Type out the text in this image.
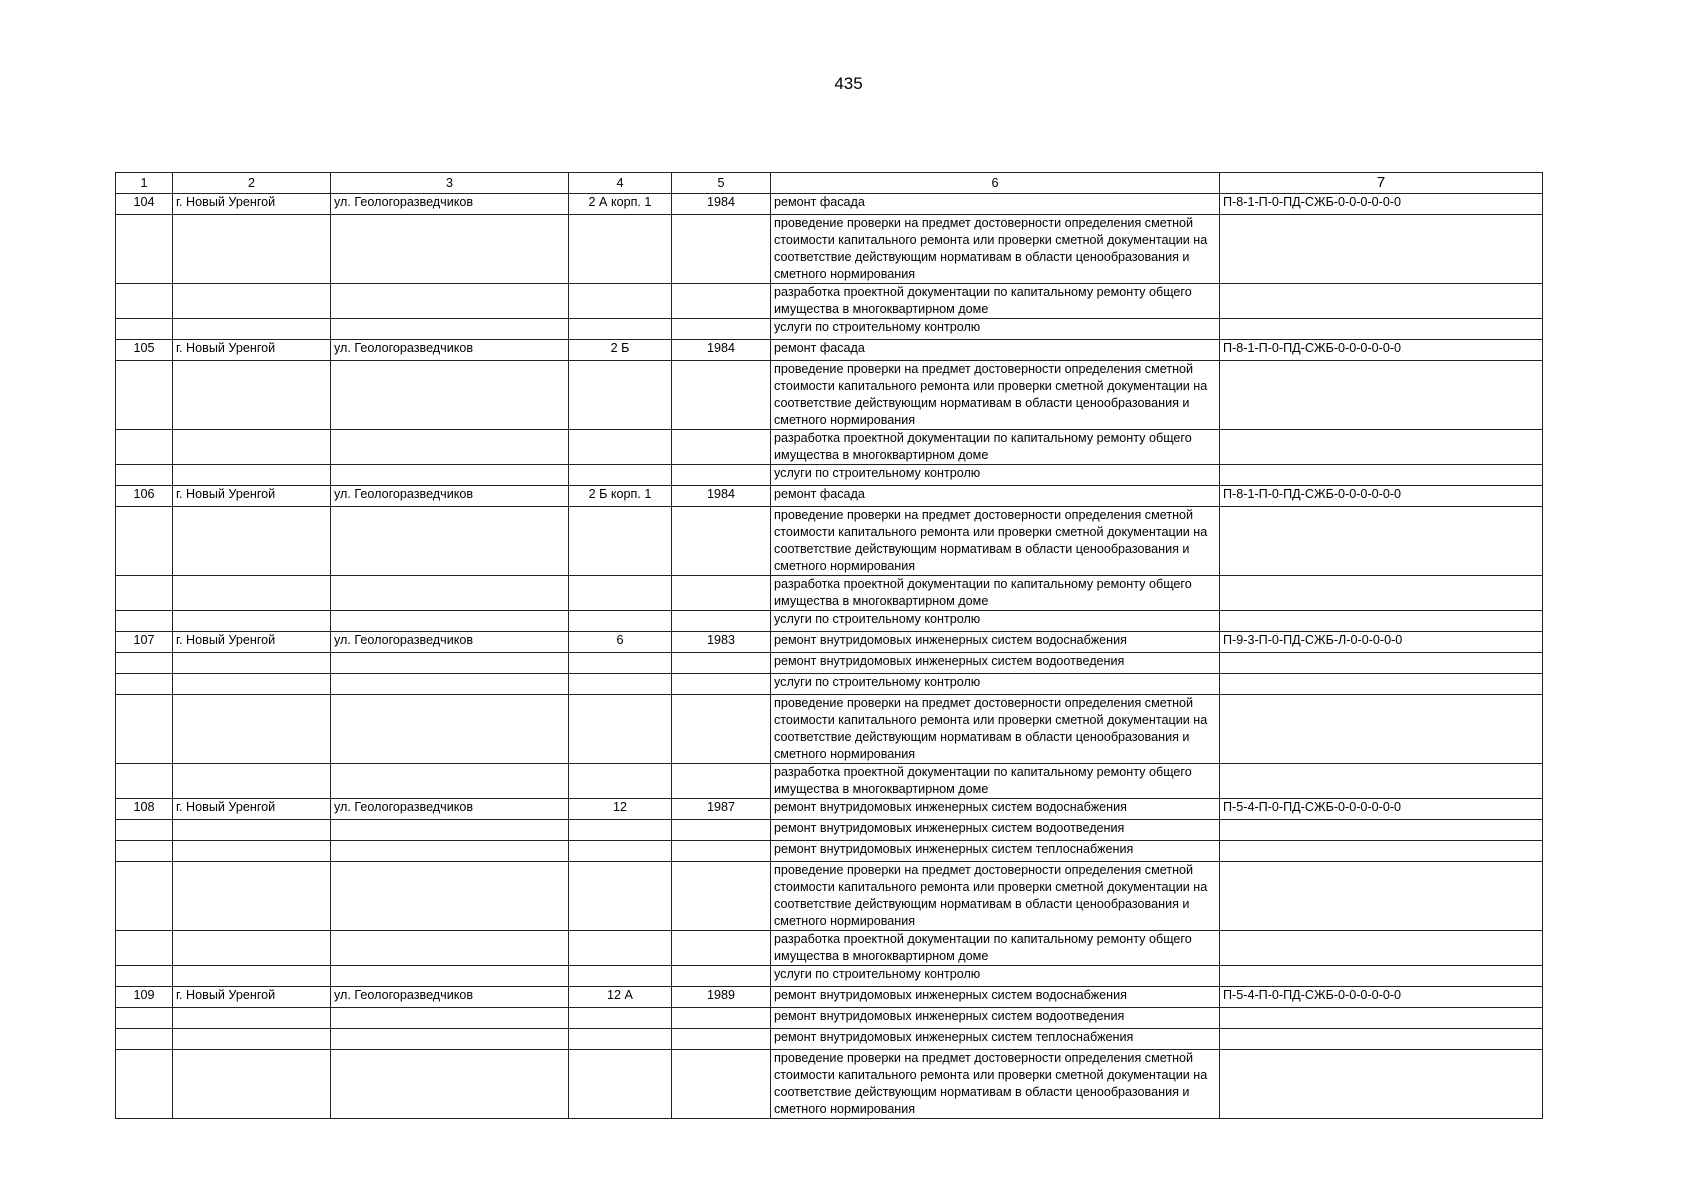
435
1	2	3	4	5	6	7
104	г. Новый Уренгой	ул. Геологоразведчиков	2 А корп. 1	1984	ремонт фасада	П-8-1-П-0-ПД-СЖБ-0-0-0-0-0-0
					проведение проверки на предмет достоверности определения сметной стоимости капитального ремонта или проверки сметной документации на соответствие действующим нормативам в области ценообразования и сметного нормирования	
					разработка проектной документации по капитальному ремонту общего имущества в многоквартирном доме	
					услуги по строительному контролю	
105	г. Новый Уренгой	ул. Геологоразведчиков	2 Б	1984	ремонт фасада	П-8-1-П-0-ПД-СЖБ-0-0-0-0-0-0
					проведение проверки на предмет достоверности определения сметной стоимости капитального ремонта или проверки сметной документации на соответствие действующим нормативам в области ценообразования и сметного нормирования	
					разработка проектной документации по капитальному ремонту общего имущества в многоквартирном доме	
					услуги по строительному контролю	
106	г. Новый Уренгой	ул. Геологоразведчиков	2 Б корп. 1	1984	ремонт фасада	П-8-1-П-0-ПД-СЖБ-0-0-0-0-0-0
					проведение проверки на предмет достоверности определения сметной стоимости капитального ремонта или проверки сметной документации на соответствие действующим нормативам в области ценообразования и сметного нормирования	
					разработка проектной документации по капитальному ремонту общего имущества в многоквартирном доме	
					услуги по строительному контролю	
107	г. Новый Уренгой	ул. Геологоразведчиков	6	1983	ремонт внутридомовых инженерных систем водоснабжения	П-9-3-П-0-ПД-СЖБ-Л-0-0-0-0-0
					ремонт внутридомовых инженерных систем водоотведения	
					услуги по строительному контролю	
					проведение проверки на предмет достоверности определения сметной стоимости капитального ремонта или проверки сметной документации на соответствие действующим нормативам в области ценообразования и сметного нормирования	
					разработка проектной документации по капитальному ремонту общего имущества в многоквартирном доме	
108	г. Новый Уренгой	ул. Геологоразведчиков	12	1987	ремонт внутридомовых инженерных систем водоснабжения	П-5-4-П-0-ПД-СЖБ-0-0-0-0-0-0
					ремонт внутридомовых инженерных систем водоотведения	
					ремонт внутридомовых инженерных систем теплоснабжения	
					проведение проверки на предмет достоверности определения сметной стоимости капитального ремонта или проверки сметной документации на соответствие действующим нормативам в области ценообразования и сметного нормирования	
					разработка проектной документации по капитальному ремонту общего имущества в многоквартирном доме	
					услуги по строительному контролю	
109	г. Новый Уренгой	ул. Геологоразведчиков	12 А	1989	ремонт внутридомовых инженерных систем водоснабжения	П-5-4-П-0-ПД-СЖБ-0-0-0-0-0-0
					ремонт внутридомовых инженерных систем водоотведения	
					ремонт внутридомовых инженерных систем теплоснабжения	
					проведение проверки на предмет достоверности определения сметной стоимости капитального ремонта или проверки сметной документации на соответствие действующим нормативам в области ценообразования и сметного нормирования	
